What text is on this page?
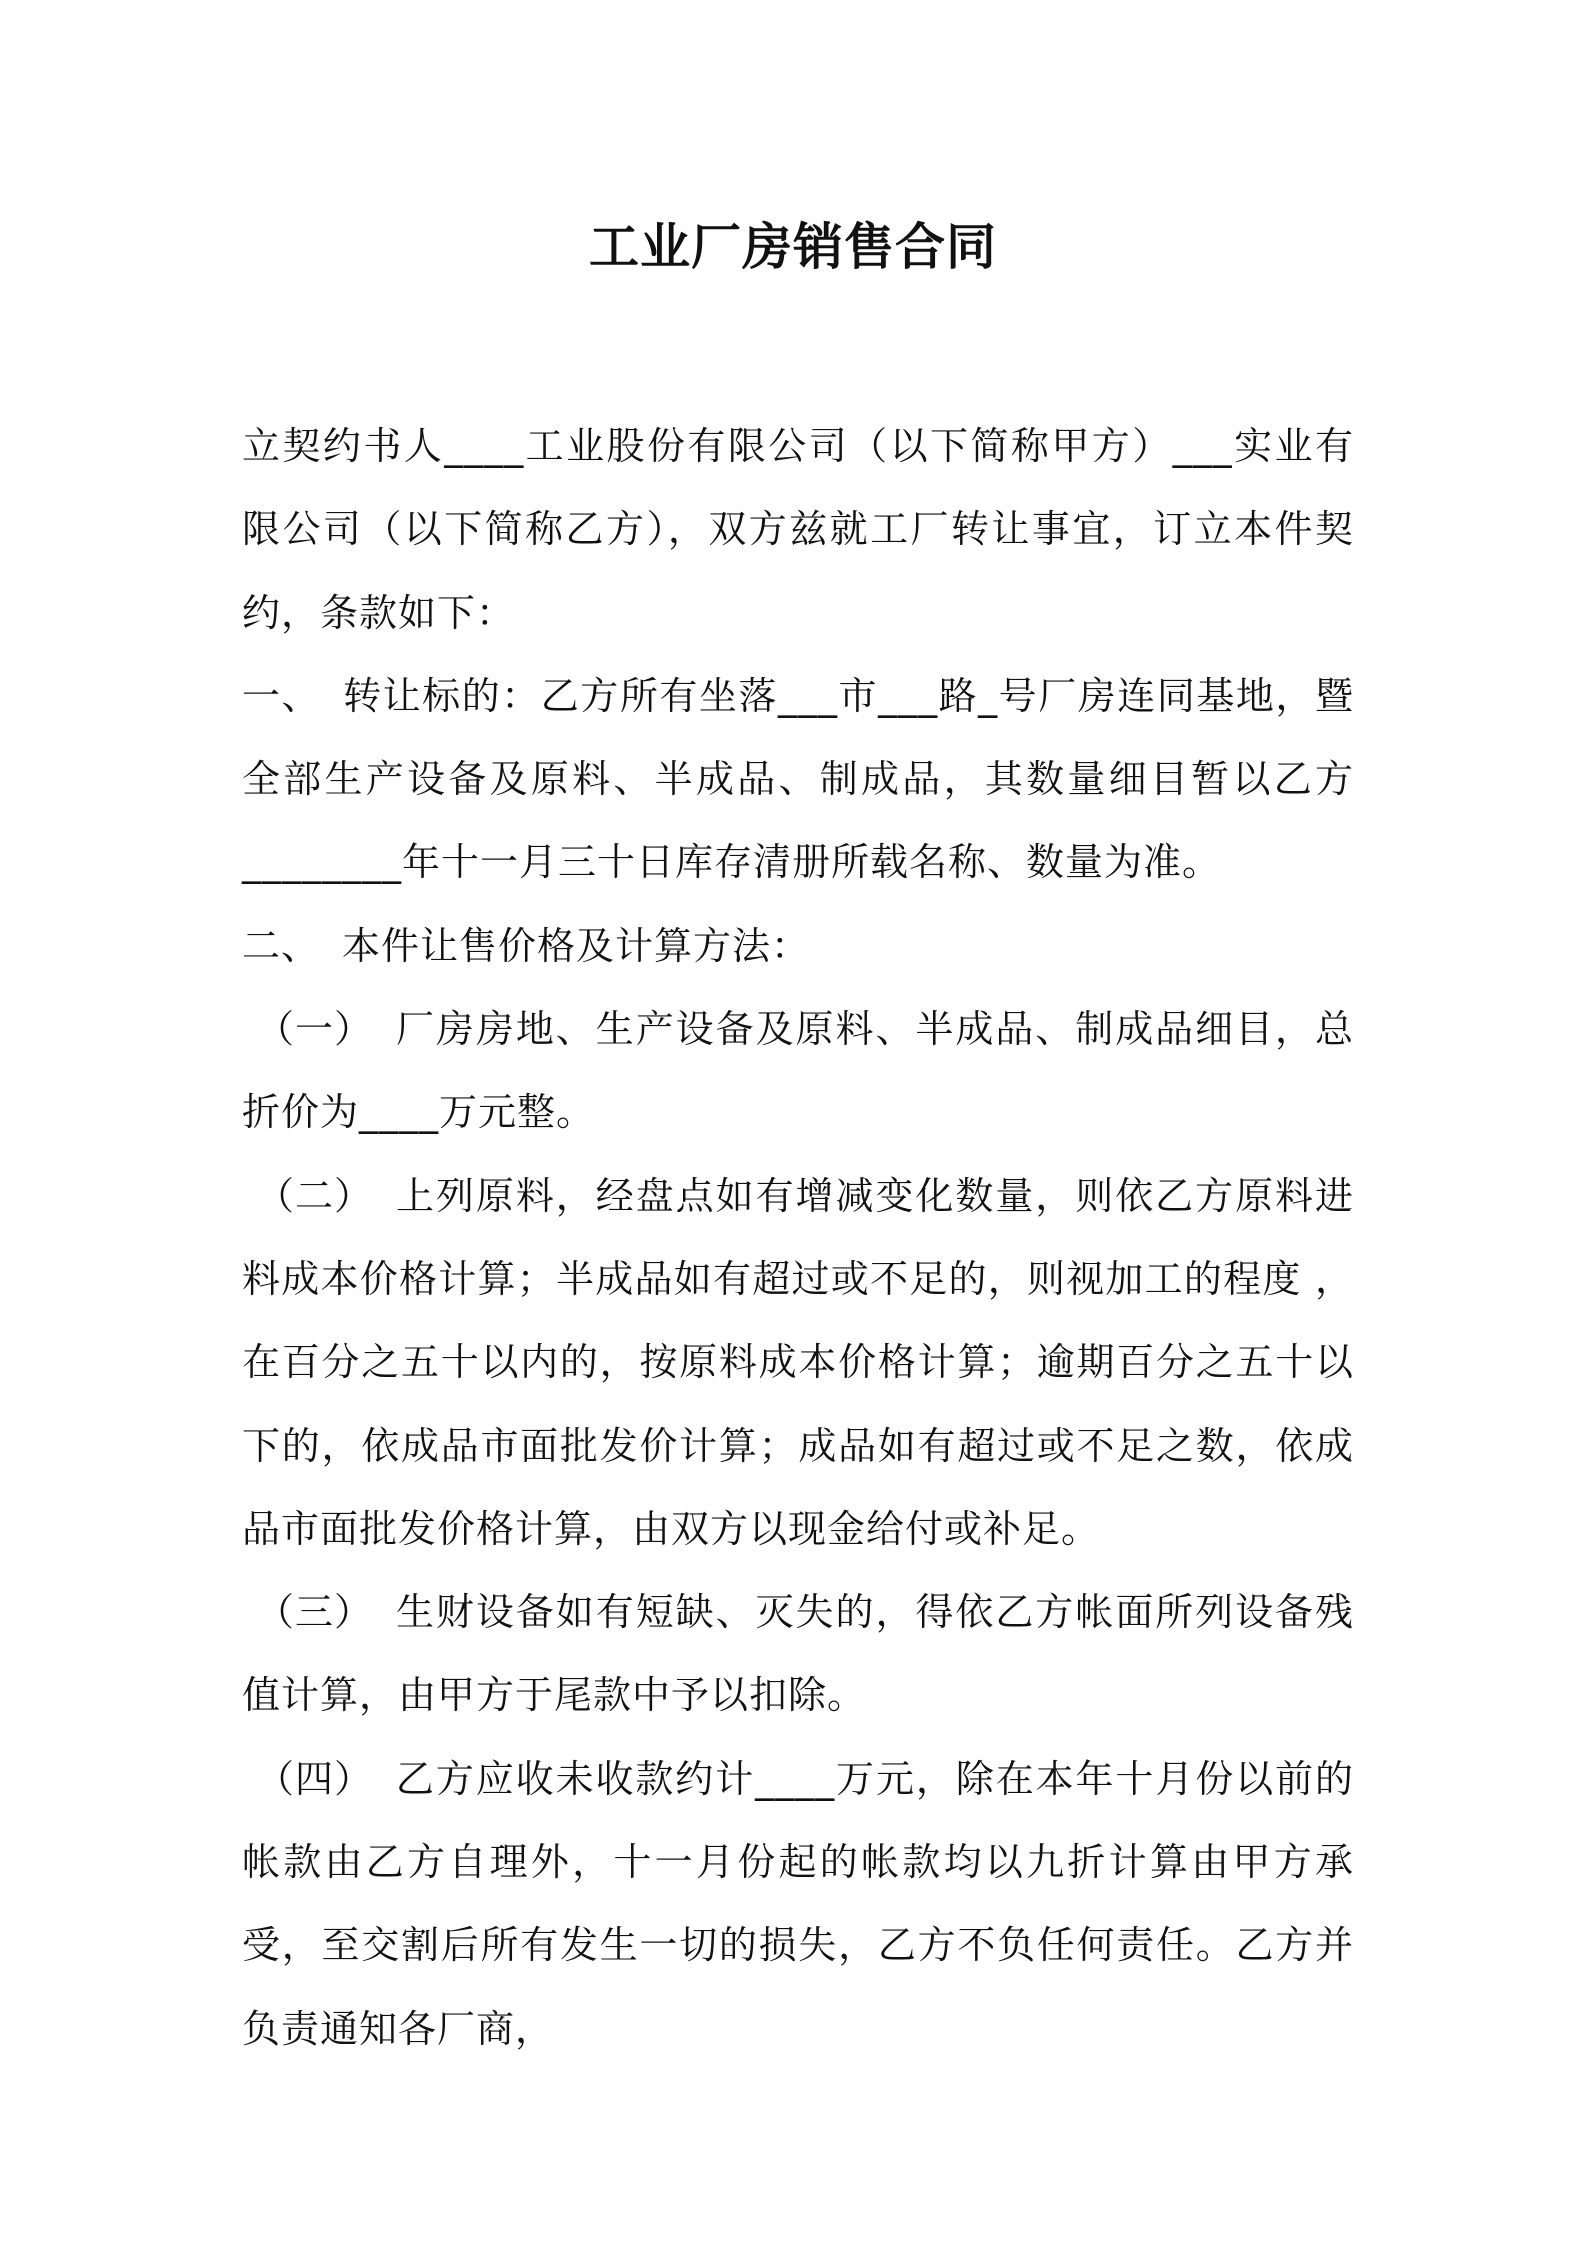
工业厂房销售合同

立契约书人____工业股份有限公司（以下简称甲方）___实业有限公司（以下简称乙方），双方兹就工厂转让事宜，订立本件契约，条款如下：

一、 转让标的：乙方所有坐落___市___路_号厂房连同基地，暨全部生产设备及原料、半成品、制成品，其数量细目暂以乙方________年十一月三十日库存清册所载名称、数量为准。

二、 本件让售价格及计算方法：

（一） 厂房房地、生产设备及原料、半成品、制成品细目，总折价为____万元整。

（二） 上列原料，经盘点如有增减变化数量，则依乙方原料进料成本价格计算；半成品如有超过或不足的，则视加工的程度 ，在百分之五十以内的，按原料成本价格计算；逾期百分之五十以下的，依成品市面批发价计算；成品如有超过或不足之数，依成品市面批发价格计算，由双方以现金给付或补足。

（三） 生财设备如有短缺、灭失的，得依乙方帐面所列设备残值计算，由甲方于尾款中予以扣除。

（四） 乙方应收未收款约计____万元，除在本年十月份以前的帐款由乙方自理外，十一月份起的帐款均以九折计算由甲方承受，至交割后所有发生一切的损失，乙方不负任何责任。乙方并负责通知各厂商，
